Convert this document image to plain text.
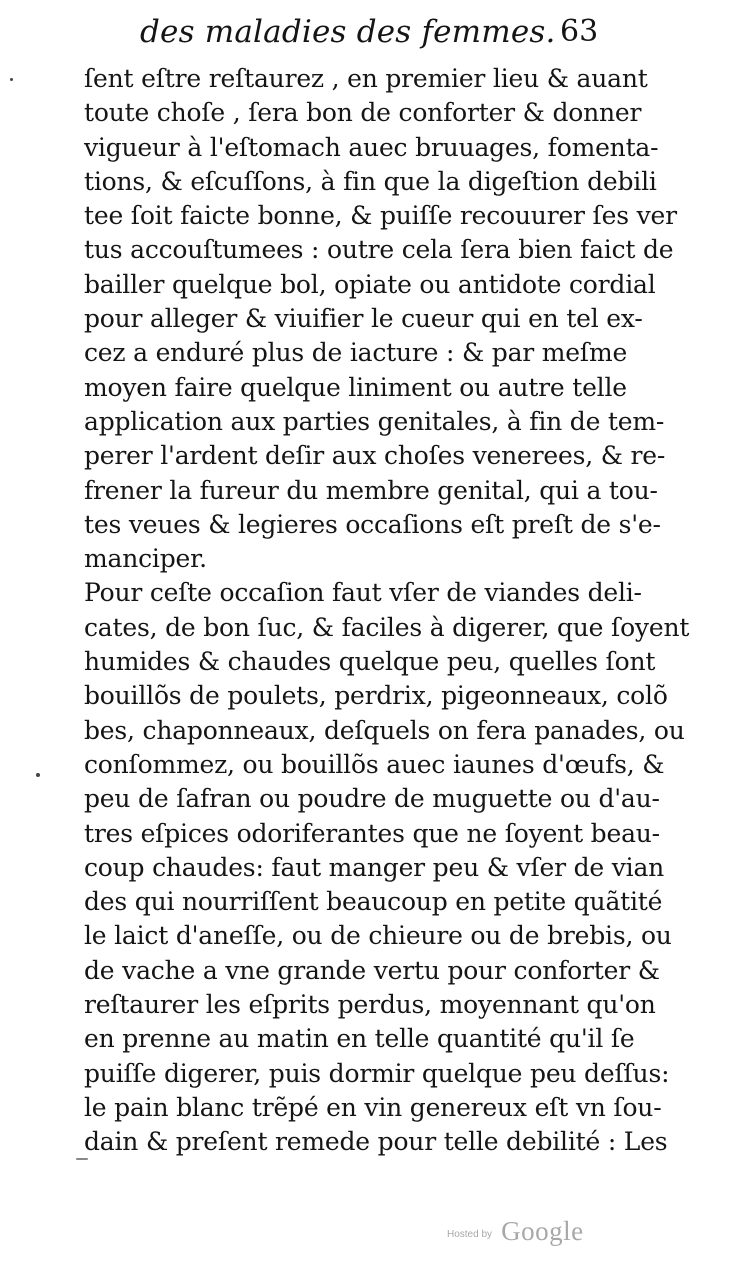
des maladies des femmes. 63
ſent eſtre reſtaurez , en premier lieu & auant
toute choſe , ſera bon de conforter & donner
vigueur à l'eſtomach auec bruuages, fomenta-
tions, & eſcuſſons, à fin que la digeſtion debili
tee ſoit faicte bonne, & puiſſe recouurer ſes ver
tus accouſtumees : outre cela ſera bien faict de
bailler quelque bol, opiate ou antidote cordial
pour alleger & viuifier le cueur qui en tel ex-
cez a enduré plus de iacture : & par meſme
moyen faire quelque liniment ou autre telle
application aux parties genitales, à fin de tem-
perer l'ardent deſir aux choſes venerees, & re-
frener la fureur du membre genital, qui a tou-
tes veues & legieres occaſions eſt preſt de s'e-
manciper.
Pour ceſte occaſion faut vſer de viandes deli-
cates, de bon ſuc, & faciles à digerer, que ſoyent
humides & chaudes quelque peu, quelles ſont
bouillõs de poulets, perdrix, pigeonneaux, colõ
bes, chaponneaux, deſquels on fera panades, ou
conſommez, ou bouillõs auec iaunes d'œufs, &
peu de ſafran ou poudre de muguette ou d'au-
tres eſpices odoriferantes que ne ſoyent beau-
coup chaudes: faut manger peu & vſer de vian
des qui nourriſſent beaucoup en petite quãtité
le laict d'aneſſe, ou de chieure ou de brebis, ou
de vache a vne grande vertu pour conforter &
reſtaurer les eſprits perdus, moyennant qu'on
en prenne au matin en telle quantité qu'il ſe
puiſſe digerer, puis dormir quelque peu deſſus:
le pain blanc trẽpé en vin genereux eſt vn ſou-
dain & preſent remede pour telle debilité : Les
Hosted by Google
